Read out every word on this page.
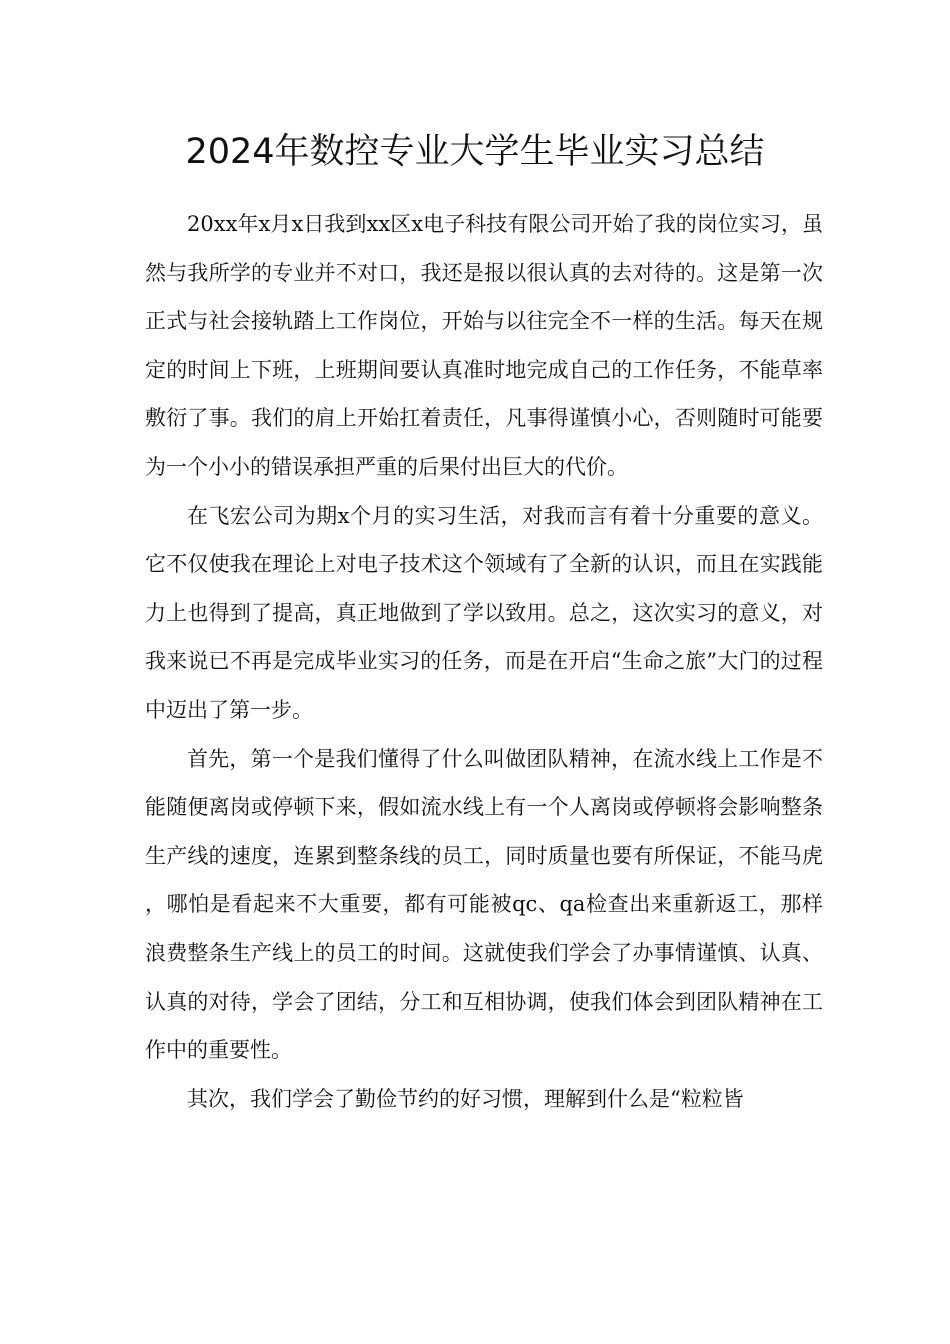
2024年数控专业大学生毕业实习总结

20xx年x月x日我到xx区x电子科技有限公司开始了我的岗位实习，虽然与我所学的专业并不对口，我还是报以很认真的去对待的。这是第一次正式与社会接轨踏上工作岗位，开始与以往完全不一样的生活。每天在规定的时间上下班，上班期间要认真准时地完成自己的工作任务，不能草率敷衍了事。我们的肩上开始扛着责任，凡事得谨慎小心，否则随时可能要为一个小小的错误承担严重的后果付出巨大的代价。

在飞宏公司为期x个月的实习生活，对我而言有着十分重要的意义。它不仅使我在理论上对电子技术这个领域有了全新的认识，而且在实践能力上也得到了提高，真正地做到了学以致用。总之，这次实习的意义，对我来说已不再是完成毕业实习的任务，而是在开启“生命之旅”大门的过程中迈出了第一步。

首先，第一个是我们懂得了什么叫做团队精神，在流水线上工作是不能随便离岗或停顿下来，假如流水线上有一个人离岗或停顿将会影响整条生产线的速度，连累到整条线的员工，同时质量也要有所保证，不能马虎，哪怕是看起来不大重要，都有可能被qc、qa检查出来重新返工，那样浪费整条生产线上的员工的时间。这就使我们学会了办事情谨慎、认真、认真的对待，学会了团结，分工和互相协调，使我们体会到团队精神在工作中的重要性。

其次，我们学会了勤俭节约的好习惯，理解到什么是“粒粒皆
